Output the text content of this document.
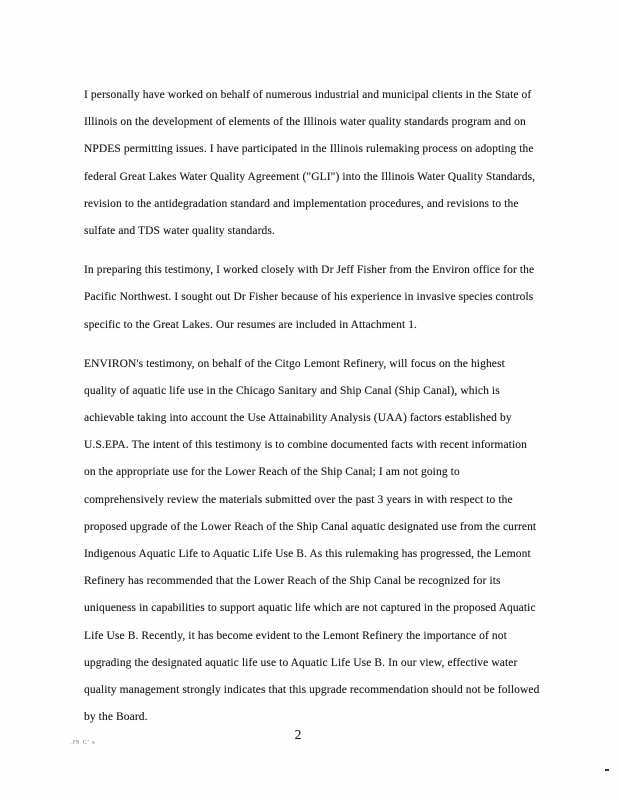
I personally have worked on behalf of numerous industrial and municipal clients in the State of
Illinois on the development of elements of the Illinois water quality standards program and on
NPDES permitting issues. I have participated in the Illinois rulemaking process on adopting the
federal Great Lakes Water Quality Agreement ("GLI") into the Illinois Water Quality Standards,
revision to the antidegradation standard and implementation procedures, and revisions to the
sulfate and TDS water quality standards.
In preparing this testimony, I worked closely with Dr Jeff Fisher from the Environ office for the
Pacific Northwest. I sought out Dr Fisher because of his experience in invasive species controls
specific to the Great Lakes. Our resumes are included in Attachment 1.
ENVIRON's testimony, on behalf of the Citgo Lemont Refinery, will focus on the highest
quality of aquatic life use in the Chicago Sanitary and Ship Canal (Ship Canal), which is
achievable taking into account the Use Attainability Analysis (UAA) factors established by
U.S.EPA. The intent of this testimony is to combine documented facts with recent information
on the appropriate use for the Lower Reach of the Ship Canal; I am not going to
comprehensively review the materials submitted over the past 3 years in with respect to the
proposed upgrade of the Lower Reach of the Ship Canal aquatic designated use from the current
Indigenous Aquatic Life to Aquatic Life Use B. As this rulemaking has progressed, the Lemont
Refinery has recommended that the Lower Reach of the Ship Canal be recognized for its
uniqueness in capabilities to support aquatic life which are not captured in the proposed Aquatic
Life Use B. Recently, it has become evident to the Lemont Refinery the importance of not
upgrading the designated aquatic life use to Aquatic Life Use B. In our view, effective water
quality management strongly indicates that this upgrade recommendation should not be followed
by the Board.
2
.JS C' s
